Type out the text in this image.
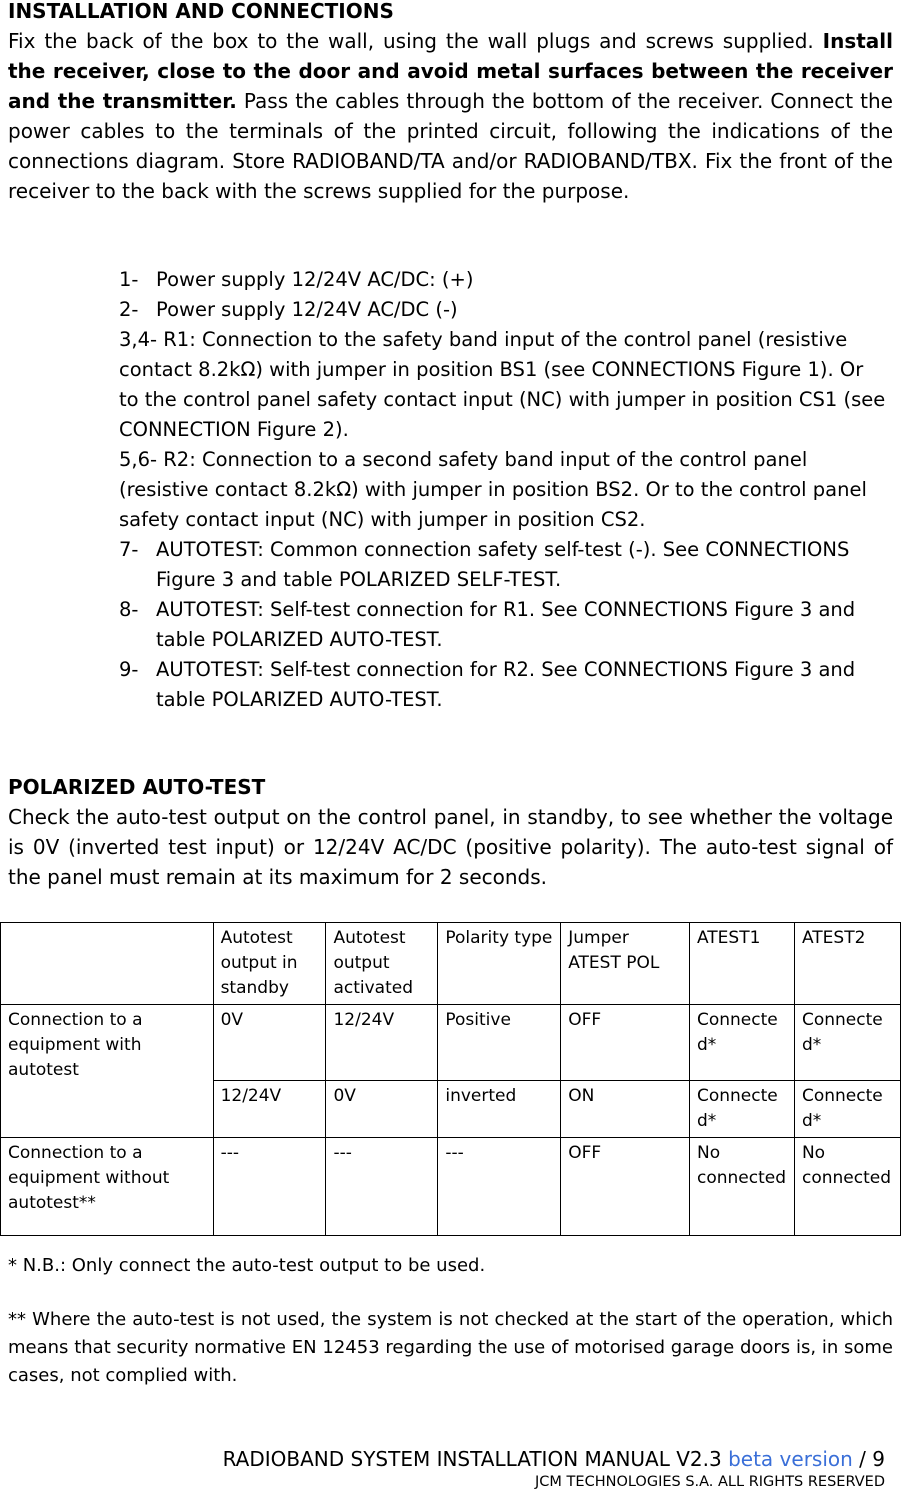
INSTALLATION AND CONNECTIONS

Fix the back of the box to the wall, using the wall plugs and screws supplied. Install the receiver, close to the door and avoid metal surfaces between the receiver and the transmitter. Pass the cables through the bottom of the receiver. Connect the power cables to the terminals of the printed circuit, following the indications of the connections diagram. Store RADIOBAND/TA and/or RADIOBAND/TBX. Fix the front of the receiver to the back with the screws supplied for the purpose.

1- Power supply 12/24V AC/DC: (+)
2- Power supply 12/24V AC/DC (-)
3,4- R1: Connection to the safety band input of the control panel (resistive contact 8.2kΩ) with jumper in position BS1 (see CONNECTIONS Figure 1). Or to the control panel safety contact input (NC) with jumper in position CS1 (see CONNECTION Figure 2).
5,6- R2: Connection to a second safety band input of the control panel (resistive contact 8.2kΩ) with jumper in position BS2. Or to the control panel safety contact input (NC) with jumper in position CS2.
7- AUTOTEST: Common connection safety self-test (-). See CONNECTIONS Figure 3 and table POLARIZED SELF-TEST.
8- AUTOTEST: Self-test connection for R1. See CONNECTIONS Figure 3 and table POLARIZED AUTO-TEST.
9- AUTOTEST: Self-test connection for R2. See CONNECTIONS Figure 3 and table POLARIZED AUTO-TEST.
POLARIZED AUTO-TEST

Check the auto-test output on the control panel, in standby, to see whether the voltage is 0V (inverted test input) or 12/24V AC/DC (positive polarity). The auto-test signal of the panel must remain at its maximum for 2 seconds.

	Autotest output in standby	Autotest output activated	Polarity type	Jumper ATEST POL	ATEST1	ATEST2
Connection to a equipment with autotest	0V	12/24V	Positive	OFF	Connected*	Connected*
	12/24V	0V	inverted	ON	Connected*	Connected*
Connection to a equipment without autotest**	---	---	---	OFF	No connected	No connected

* N.B.: Only connect the auto-test output to be used.

** Where the auto-test is not used, the system is not checked at the start of the operation, which means that security normative EN 12453 regarding the use of motorised garage doors is, in some cases, not complied with.

RADIOBAND SYSTEM INSTALLATION MANUAL V2.3 beta version / 9
JCM TECHNOLOGIES S.A. ALL RIGHTS RESERVED
